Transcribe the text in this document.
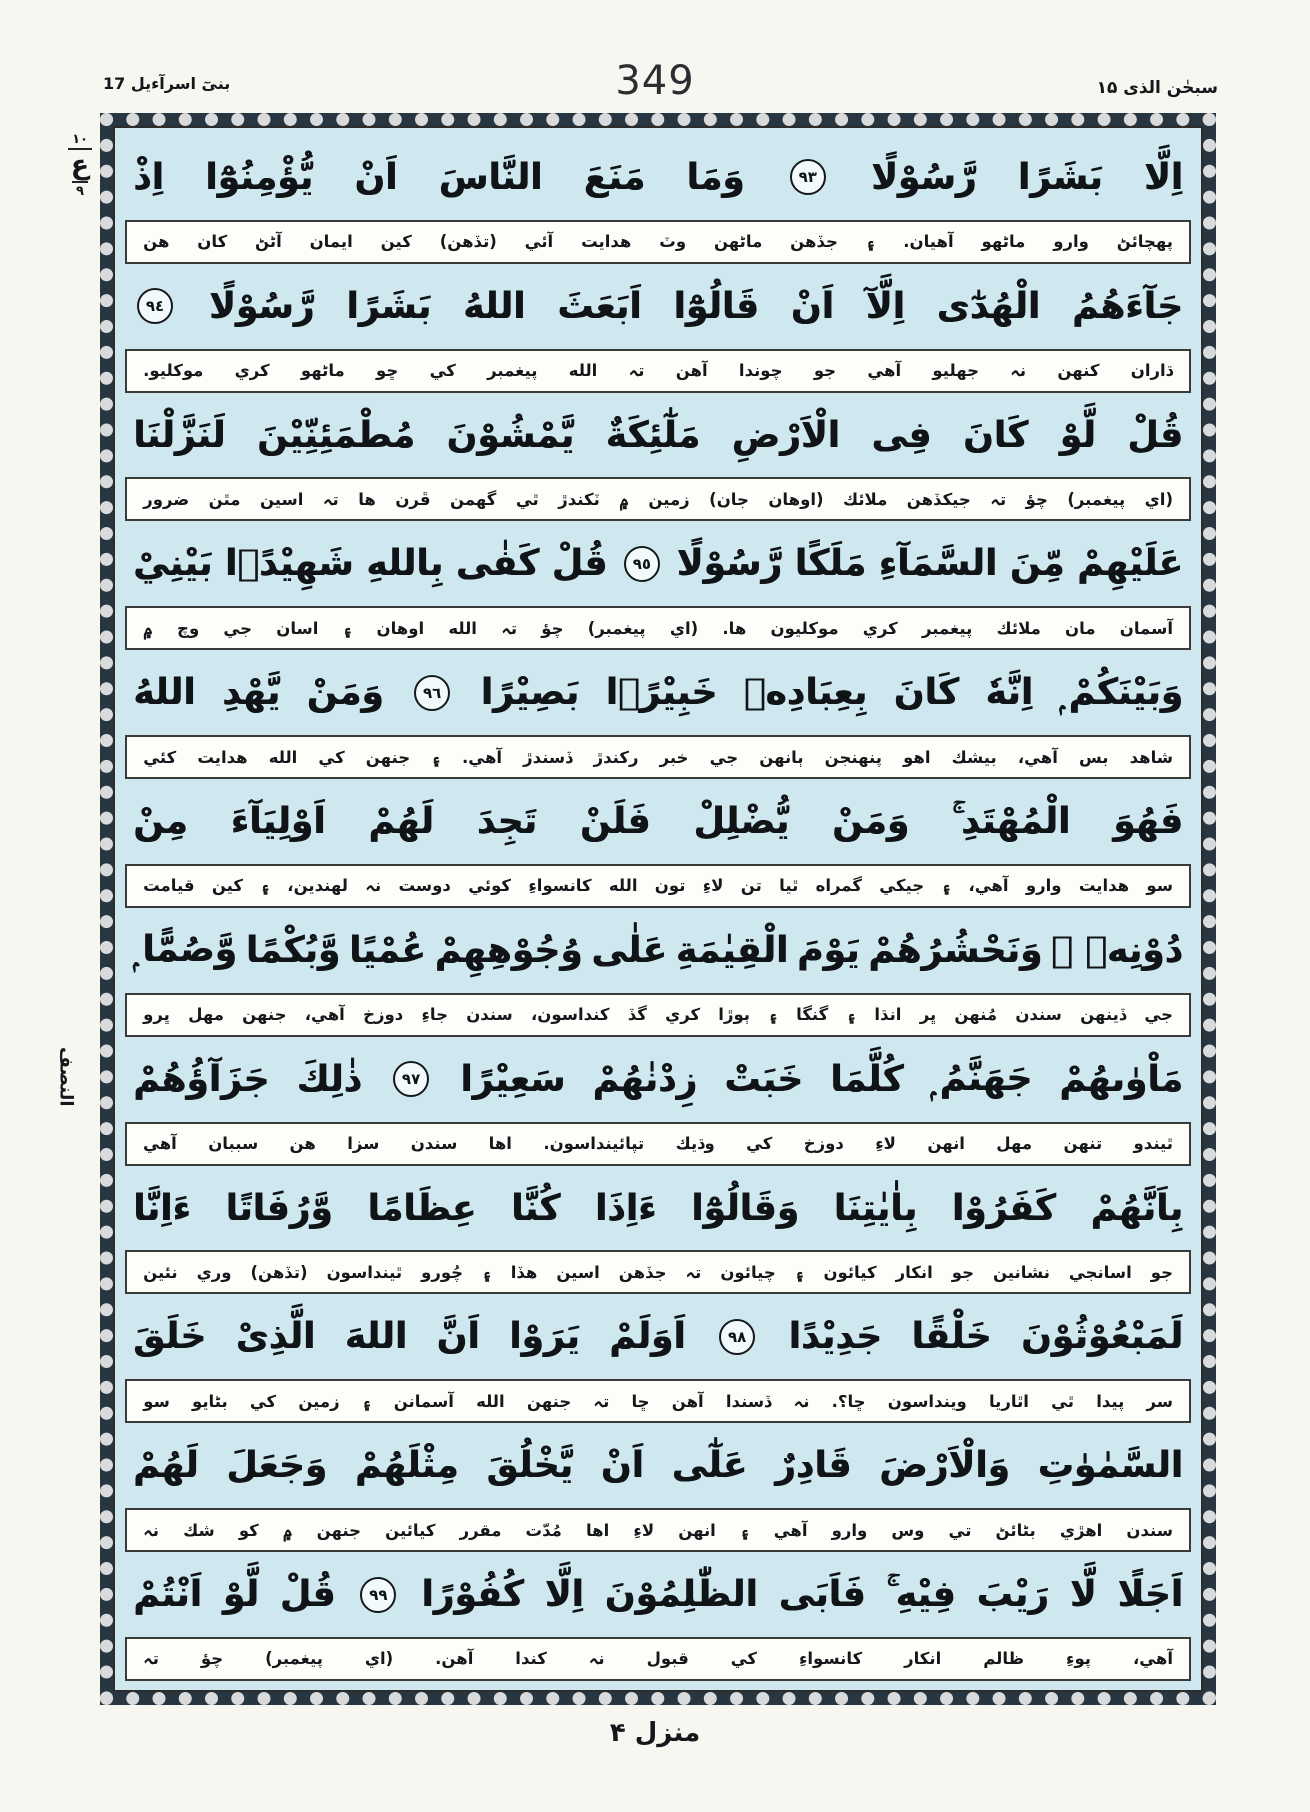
بنىٓ اسرآءيل 17	349	سبحٰن الذى ۱۵
١٠
ع
٩
النصف
اِلَّا
بَشَرًا
رَّسُوْلًا
٩٣
وَمَا
مَنَعَ
النَّاسَ
اَنْ
يُّؤْمِنُوْٓا
اِذْ
پهچائڻ
وارو
ماڻهو
آهيان.
۽
جڏهن
ماڻهن
وٽ
هدايت
آئي
(تڏهن)
كين
ايمان
آڻڻ
كان
هن
جَآءَهُمُ
الْهُدٰٓى
اِلَّآ
اَنْ
قَالُوْٓا
اَبَعَثَ
اللهُ
بَشَرًا
رَّسُوْلًا
٩٤
ڌاران
كنهن
نہ
جهليو
آهي
جو
چوندا
آهن
تہ
الله
پيغمبر
كي
ڇو
ماڻهو
كري
موكليو.
قُلْ
لَّوْ
كَانَ
فِى
الْاَرْضِ
مَلٰٓئِكَةٌ
يَّمْشُوْنَ
مُطْمَئِنِّيْنَ
لَنَزَّلْنَا
(اي
پيغمبر)
چؤ
تہ
جيكڏهن
ملائك
(اوهان
جان)
زمين
۾
ٽكندڙ
ٿي
گهمن
ڦرن
ها
تہ
اسين
مٿن
ضرور
عَلَيْهِمْ
مِّنَ
السَّمَآءِ
مَلَكًا
رَّسُوْلًا
٩٥
قُلْ
كَفٰى
بِاللهِ
شَهِيْدًۢا
بَيْنِيْ
آسمان
مان
ملائك
پيغمبر
كري
موكليون
ها.
(اي
پيغمبر)
چؤ
تہ
الله
اوهان
۽
اسان
جي
وچ
۾
وَبَيْنَكُمْ ۭ
اِنَّهٗ
كَانَ
بِعِبَادِهٖ
خَبِيْرًۢا
بَصِيْرًا
٩٦
وَمَنْ
يَّهْدِ
اللهُ
شاهد
بس
آهي،
بيشك
اهو
پنهنجن
ٻانهن
جي
خبر
ركندڙ
ڏسندڙ
آهي.
۽
جنهن
كي
الله
هدايت
كئي
فَهُوَ
الْمُهْتَدِ ۚ
وَمَنْ
يُّضْلِلْ
فَلَنْ
تَجِدَ
لَهُمْ
اَوْلِيَآءَ
مِنْ
سو
هدايت
وارو
آهي،
۽
جيكي
گمراه
ٿيا
تن
لاءِ
تون
الله
كانسواءِ
كوئي
دوست
نہ
لهندين،
۽
كين
قيامت
دُوْنِهٖ ۭ
وَنَحْشُرُهُمْ
يَوْمَ
الْقِيٰمَةِ
عَلٰى
وُجُوْهِهِمْ
عُمْيًا
وَّبُكْمًا
وَّصُمًّا ۭ
جي
ڏينهن
سندن
مُنهن
ڀر
انڌا
۽
گنگا
۽
ٻوڙا
كري
گڏ
كنداسون،
سندن
جاءِ
دوزخ
آهي،
جنهن
مهل
ڀرو
مَاْوٰىهُمْ
جَهَنَّمُ ۭ
كُلَّمَا
خَبَتْ
زِدْنٰهُمْ
سَعِيْرًا
٩٧
ذٰلِكَ
جَزَآؤُهُمْ
ٿيندو
تنهن
مهل
انهن
لاءِ
دوزخ
كي
وڌيك
تپائينداسون.
اها
سندن
سزا
هن
سببان
آهي
بِاَنَّهُمْ
كَفَرُوْا
بِاٰيٰتِنَا
وَقَالُوْٓا
ءَاِذَا
كُنَّا
عِظَامًا
وَّرُفَاتًا
ءَاِنَّا
جو
اسانجي
نشانين
جو
انكار
كيائون
۽
چيائون
تہ
جڏهن
اسين
هڏا
۽
چُورو
ٿينداسون
(تڏهن)
وري
نئين
لَمَبْعُوْثُوْنَ
خَلْقًا
جَدِيْدًا
٩٨
اَوَلَمْ
يَرَوْا
اَنَّ
اللهَ
الَّذِىْ
خَلَقَ
سر
پيدا
ٿي
اٿاريا
وينداسون
ڇا؟.
نہ
ڏسندا
آهن
ڇا
تہ
جنهن
الله
آسمانن
۽
زمين
كي
بڻايو
سو
السَّمٰوٰتِ
وَالْاَرْضَ
قَادِرٌ
عَلٰٓى
اَنْ
يَّخْلُقَ
مِثْلَهُمْ
وَجَعَلَ
لَهُمْ
سندن
اهڙي
بڻائڻ
تي
وس
وارو
آهي
۽
انهن
لاءِ
اها
مُدّت
مقرر
كيائين
جنهن
۾
كو
شك
نہ
اَجَلًا
لَّا
رَيْبَ
فِيْهِ ۚ
فَاَبَى
الظّٰلِمُوْنَ
اِلَّا
كُفُوْرًا
٩٩
قُلْ
لَّوْ
اَنْتُمْ
آهي،
پوءِ
ظالم
انكار
كانسواءِ
كي
قبول
نہ
كندا
آهن.
(اي
پيغمبر)
چؤ
تہ
منزل ۴
